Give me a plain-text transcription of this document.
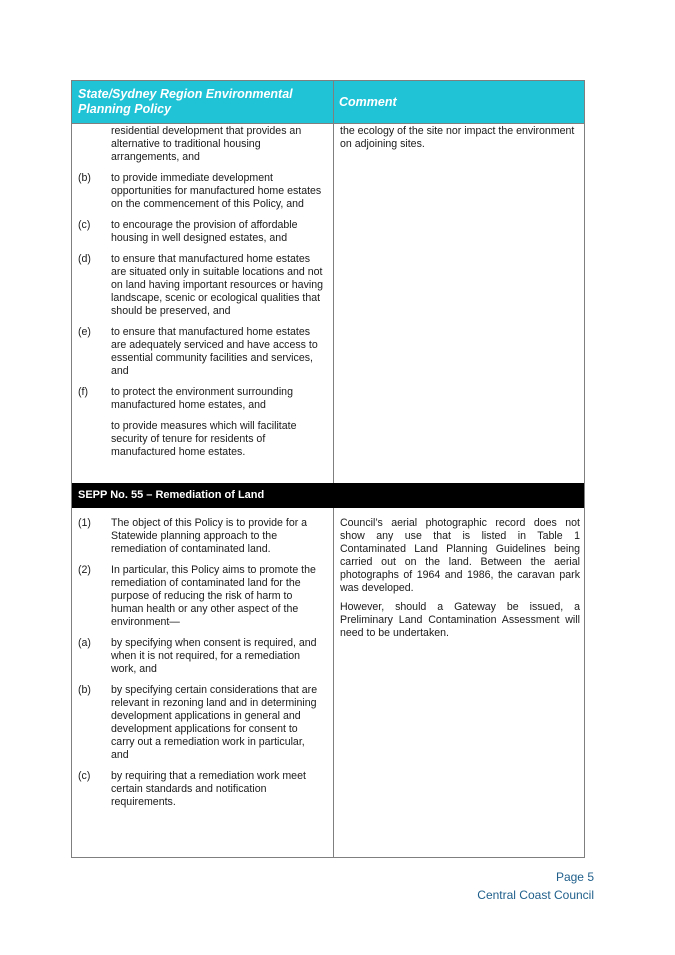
State/Sydney Region Environmental Planning Policy	Comment
residential development that provides an alternative to traditional housing arrangements, and
(b) to provide immediate development opportunities for manufactured home estates on the commencement of this Policy, and
(c) to encourage the provision of affordable housing in well designed estates, and
(d) to ensure that manufactured home estates are situated only in suitable locations and not on land having important resources or having landscape, scenic or ecological qualities that should be preserved, and
(e) to ensure that manufactured home estates are adequately serviced and have access to essential community facilities and services, and
(f) to protect the environment surrounding manufactured home estates, and
to provide measures which will facilitate security of tenure for residents of manufactured home estates.

the ecology of the site nor impact the environment on adjoining sites.

SEPP No. 55 – Remediation of Land
(1) The object of this Policy is to provide for a Statewide planning approach to the remediation of contaminated land.
(2) In particular, this Policy aims to promote the remediation of contaminated land for the purpose of reducing the risk of harm to human health or any other aspect of the environment—
(a) by specifying when consent is required, and when it is not required, for a remediation work, and
(b) by specifying certain considerations that are relevant in rezoning land and in determining development applications in general and development applications for consent to carry out a remediation work in particular, and
(c) by requiring that a remediation work meet certain standards and notification requirements.

Council’s aerial photographic record does not show any use that is listed in Table 1 Contaminated Land Planning Guidelines being carried out on the land. Between the aerial photographs of 1964 and 1986, the caravan park was developed.

However, should a Gateway be issued, a Preliminary Land Contamination Assessment will need to be undertaken.

Page 5
Central Coast Council
